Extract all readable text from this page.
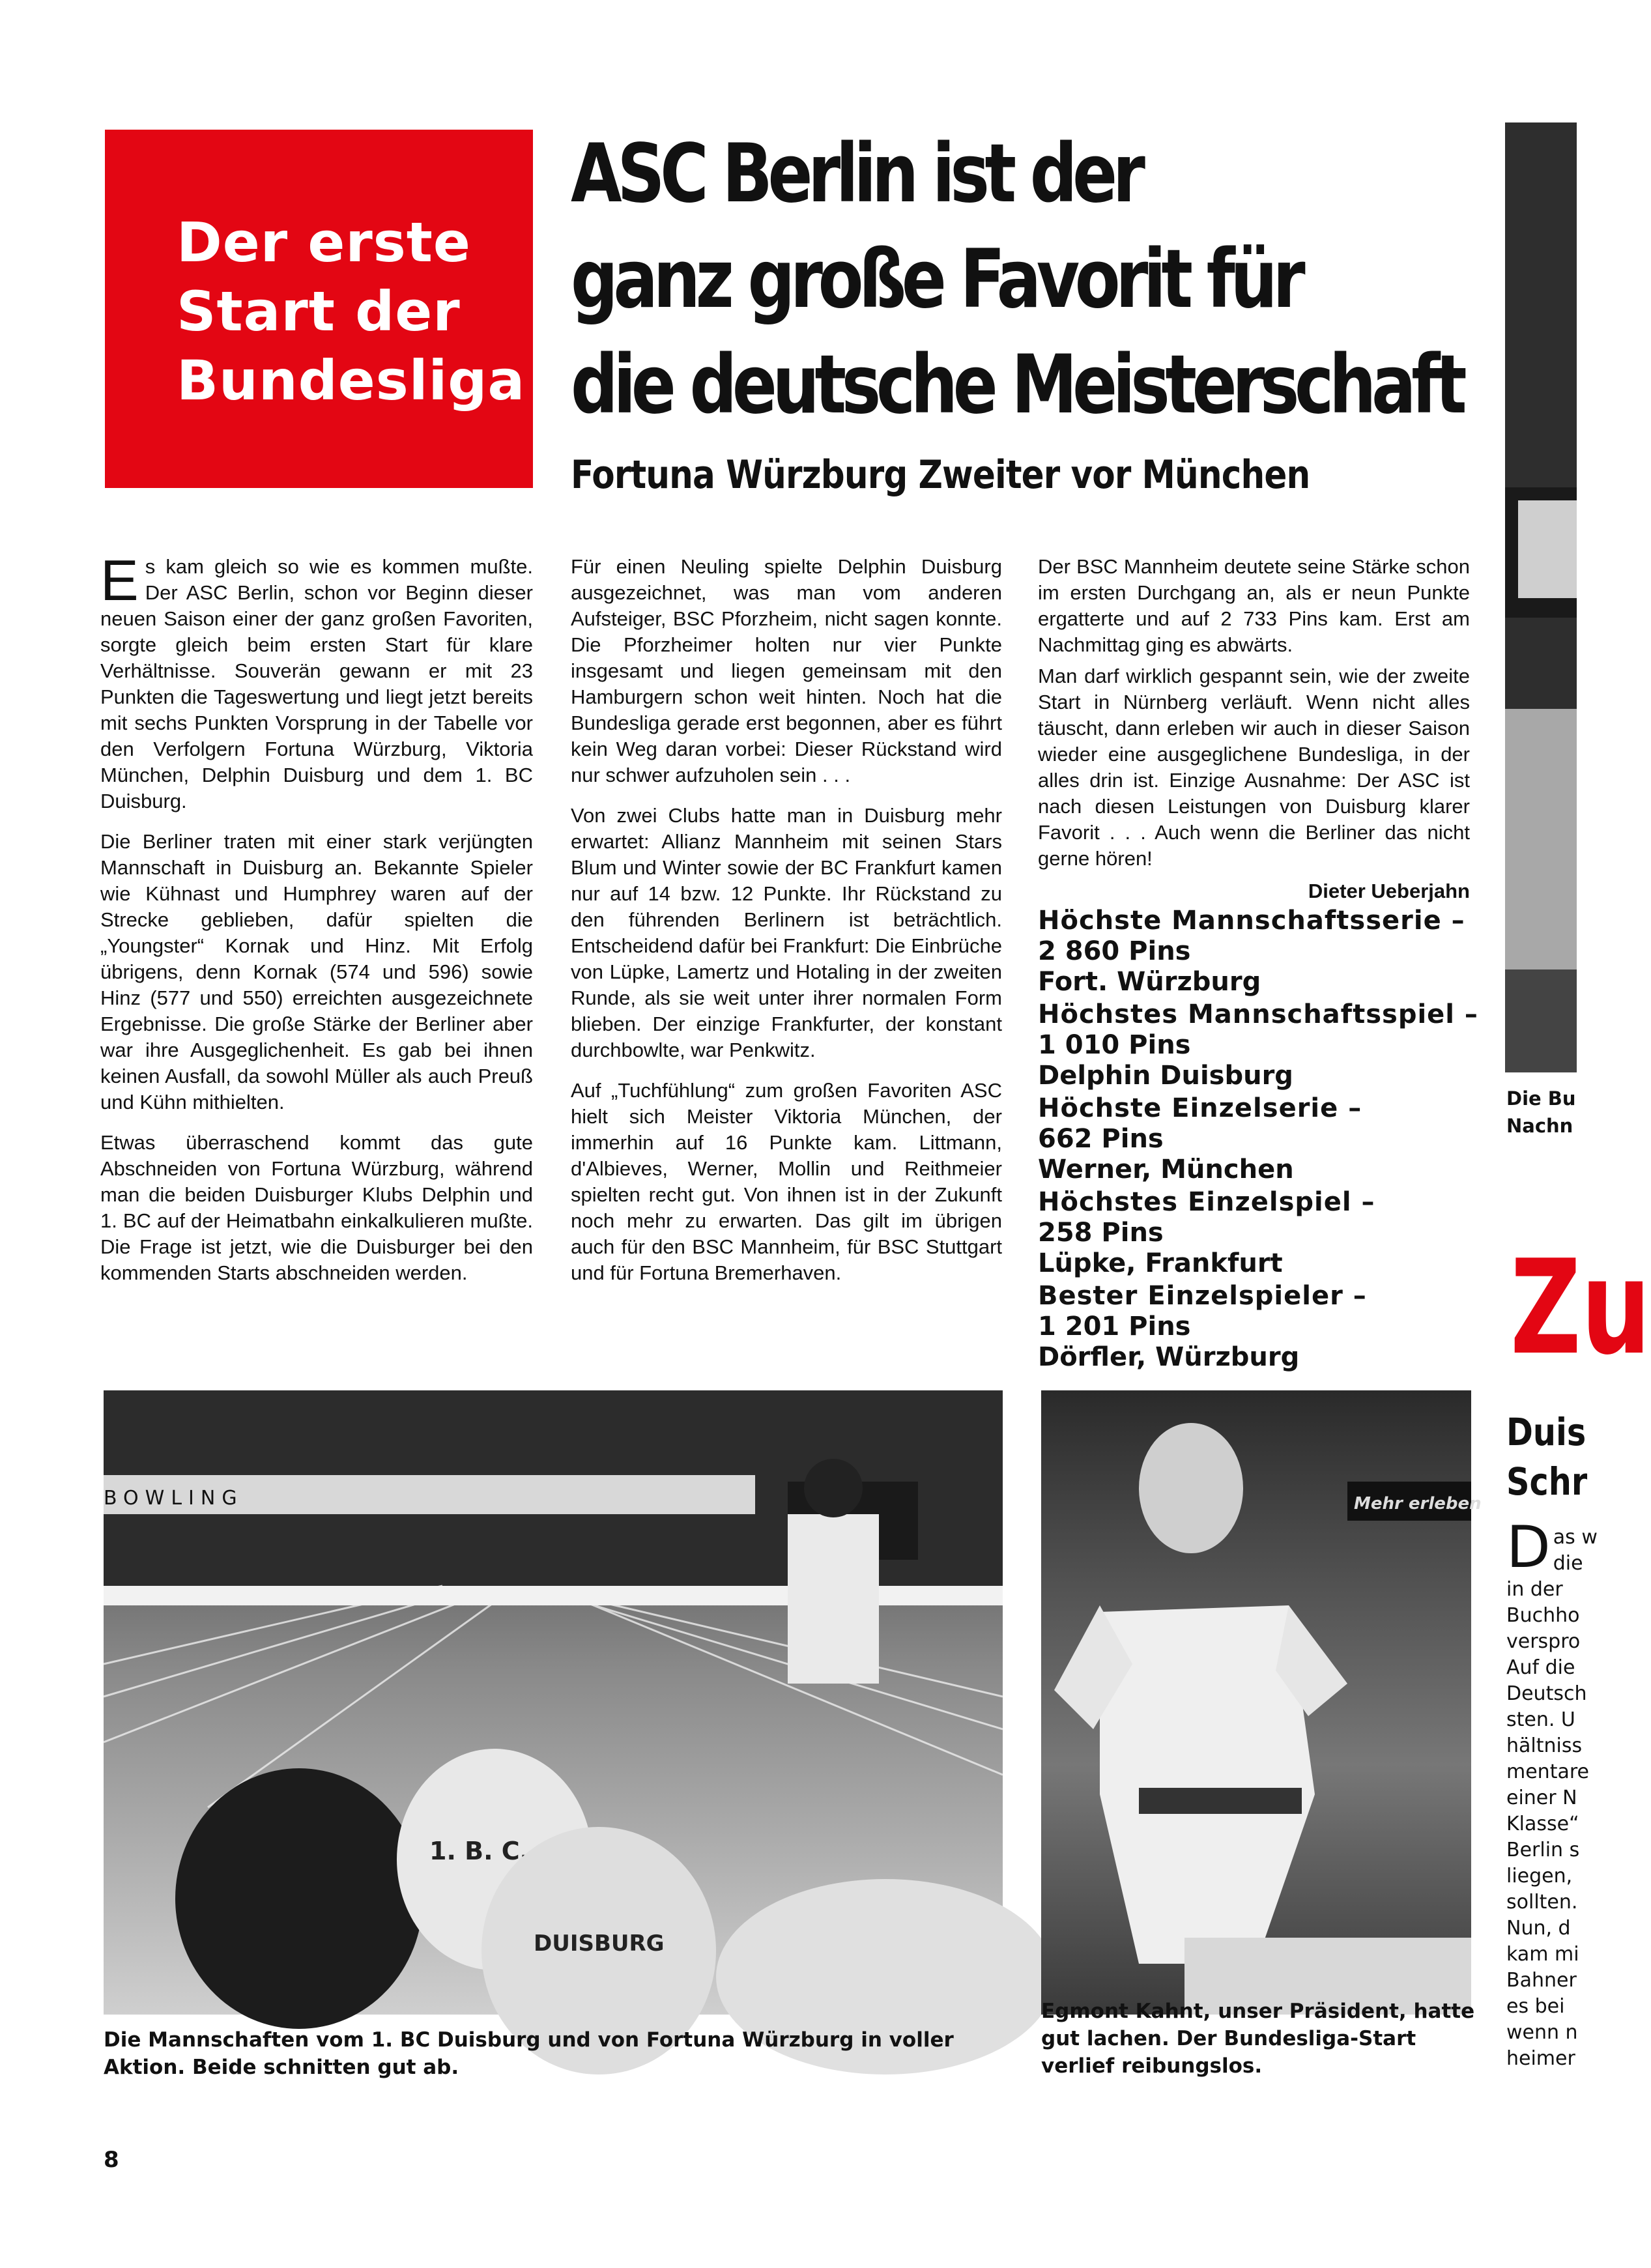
Der erste
Start der
Bundesliga
ASC Berlin ist der
ganz große Favorit für
die deutsche Meisterschaft
Fortuna Würzburg Zweiter vor München

Es kam gleich so wie es kommen mußte. Der ASC Berlin, schon vor Beginn dieser neuen Saison einer der ganz großen Favoriten, sorgte gleich beim ersten Start für klare Verhältnisse. Souverän gewann er mit 23 Punkten die Tageswertung und liegt jetzt bereits mit sechs Punkten Vorsprung in der Tabelle vor den Verfolgern Fortuna Würzburg, Viktoria München, Delphin Duisburg und dem 1. BC Duisburg.

Die Berliner traten mit einer stark verjüngten Mannschaft in Duisburg an. Bekannte Spieler wie Kühnast und Humphrey waren auf der Strecke geblieben, dafür spielten die „Youngster“ Kornak und Hinz. Mit Erfolg übrigens, denn Kornak (574 und 596) sowie Hinz (577 und 550) erreichten ausgezeichnete Ergebnisse. Die große Stärke der Berliner aber war ihre Ausgeglichenheit. Es gab bei ihnen keinen Ausfall, da sowohl Müller als auch Preuß und Kühn mithielten.

Etwas überraschend kommt das gute Abschneiden von Fortuna Würzburg, während man die beiden Duisburger Klubs Delphin und 1. BC auf der Heimatbahn einkalkulieren mußte. Die Frage ist jetzt, wie die Duisburger bei den kommenden Starts abschneiden werden.

Für einen Neuling spielte Delphin Duisburg ausgezeichnet, was man vom anderen Aufsteiger, BSC Pforzheim, nicht sagen konnte. Die Pforzheimer holten nur vier Punkte insgesamt und liegen gemeinsam mit den Hamburgern schon weit hinten. Noch hat die Bundesliga gerade erst begonnen, aber es führt kein Weg daran vorbei: Dieser Rückstand wird nur schwer aufzuholen sein . . .

Von zwei Clubs hatte man in Duisburg mehr erwartet: Allianz Mannheim mit seinen Stars Blum und Winter sowie der BC Frankfurt kamen nur auf 14 bzw. 12 Punkte. Ihr Rückstand zu den führenden Berlinern ist beträchtlich. Entscheidend dafür bei Frankfurt: Die Einbrüche von Lüpke, Lamertz und Hotaling in der zweiten Runde, als sie weit unter ihrer normalen Form blieben. Der einzige Frankfurter, der konstant durchbowlte, war Penkwitz.

Auf „Tuchfühlung“ zum großen Favoriten ASC hielt sich Meister Viktoria München, der immerhin auf 16 Punkte kam. Littmann, d'Albieves, Werner, Mollin und Reithmeier spielten recht gut. Von ihnen ist in der Zukunft noch mehr zu erwarten. Das gilt im übrigen auch für den BSC Mannheim, für BSC Stuttgart und für Fortuna Bremerhaven.

Der BSC Mannheim deutete seine Stärke schon im ersten Durchgang an, als er neun Punkte ergatterte und auf 2 733 Pins kam. Erst am Nachmittag ging es abwärts.

Man darf wirklich gespannt sein, wie der zweite Start in Nürnberg verläuft. Wenn nicht alles täuscht, dann erleben wir auch in dieser Saison wieder eine ausgeglichene Bundesliga, in der alles drin ist. Einzige Ausnahme: Der ASC ist nach diesen Leistungen von Duisburg klarer Favorit . . . Auch wenn die Berliner das nicht gerne hören!

Dieter Ueberjahn
Höchste Mannschaftsserie –
2 860 Pins
Fort. Würzburg
Höchstes Mannschaftsspiel –
1 010 Pins
Delphin Duisburg
Höchste Einzelserie –
662 Pins
Werner, München
Höchstes Einzelspiel –
258 Pins
Lüpke, Frankfurt
Bester Einzelspieler –
1 201 Pins
Dörfler, Würzburg
BOWLING
1. B. C.
DUISBURG
Mehr erleben
Die Mannschaften vom 1. BC Duisburg und von Fortuna Würzburg in voller Aktion. Beide schnitten gut ab.
Egmont Kahnt, unser Präsident, hatte gut lachen. Der Bundesliga-Start verlief reibungslos.
8
Die Bu
Nachn
Zu
Duis
Schr
D as w
die
in der
Buchho
verspro
Auf die
Deutsch
sten. U
hältniss
mentare
einer N
Klasse“
Berlin s
liegen,
sollten.
Nun, d
kam mi
Bahner
es bei
wenn n
heimer
